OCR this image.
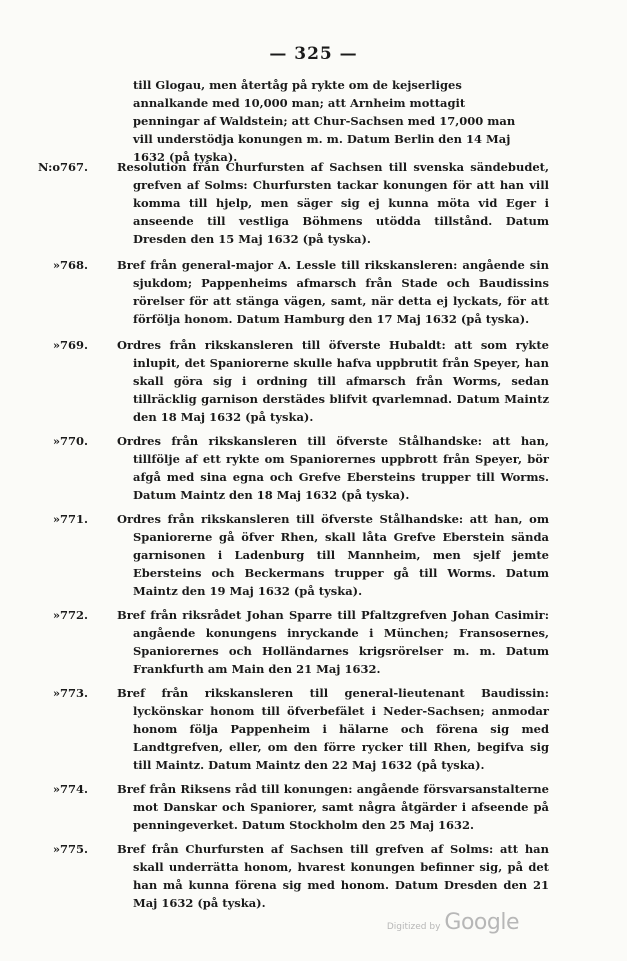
— 325 —
till Glogau, men återtåg på rykte om de kejserliges annalkande med 10,000 man; att Arnheim mottagit penningar af Waldstein; att Chur-Sachsen med 17,000 man vill understödja konungen m. m. Datum Berlin den 14 Maj 1632 (på tyska).
N:o 767.	Resolution från Churfursten af Sachsen till svenska sändebudet, grefven af Solms: Churfursten tackar konungen för att han vill komma till hjelp, men säger sig ej kunna möta vid Eger i anseende till vestliga Böhmens utödda tillstånd. Datum Dresden den 15 Maj 1632 (på tyska).
» 768.	Bref från general-major A. Lessle till rikskansleren: angående sin sjukdom; Pappenheims afmarsch från Stade och Baudissins rörelser för att stänga vägen, samt, när detta ej lyckats, för att förfölja honom. Datum Hamburg den 17 Maj 1632 (på tyska).
» 769.	Ordres från rikskansleren till öfverste Hubaldt: att som rykte inlupit, det Spaniorerne skulle hafva uppbrutit från Speyer, han skall göra sig i ordning till afmarsch från Worms, sedan tillräcklig garnison derstädes blifvit qvarlemnad. Datum Maintz den 18 Maj 1632 (på tyska).
» 770.	Ordres från rikskansleren till öfverste Stålhandske: att han, tillfölje af ett rykte om Spaniorernes uppbrott från Speyer, bör afgå med sina egna och Grefve Ebersteins trupper till Worms. Datum Maintz den 18 Maj 1632 (på tyska).
» 771.	Ordres från rikskansleren till öfverste Stålhandske: att han, om Spaniorerne gå öfver Rhen, skall låta Grefve Eberstein sända garnisonen i Ladenburg till Mannheim, men sjelf jemte Ebersteins och Beckermans trupper gå till Worms. Datum Maintz den 19 Maj 1632 (på tyska).
» 772.	Bref från riksrådet Johan Sparre till Pfaltzgrefven Johan Casimir: angående konungens inryckande i München; Fransosernes, Spaniorernes och Holländarnes krigsrörelser m. m. Datum Frankfurth am Main den 21 Maj 1632.
» 773.	Bref från rikskansleren till general-lieutenant Baudissin: lyckönskar honom till öfverbefälet i Neder-Sachsen; anmodar honom följa Pappenheim i hälarne och förena sig med Landtgrefven, eller, om den förre rycker till Rhen, begifva sig till Maintz. Datum Maintz den 22 Maj 1632 (på tyska).
» 774.	Bref från Riksens råd till konungen: angående försvarsanstalterne mot Danskar och Spaniorer, samt några åtgärder i afseende på penningeverket. Datum Stockholm den 25 Maj 1632.
» 775.	Bref från Churfursten af Sachsen till grefven af Solms: att han skall underrätta honom, hvarest konungen befinner sig, på det han må kunna förena sig med honom. Datum Dresden den 21 Maj 1632 (på tyska).
Digitized by Google
